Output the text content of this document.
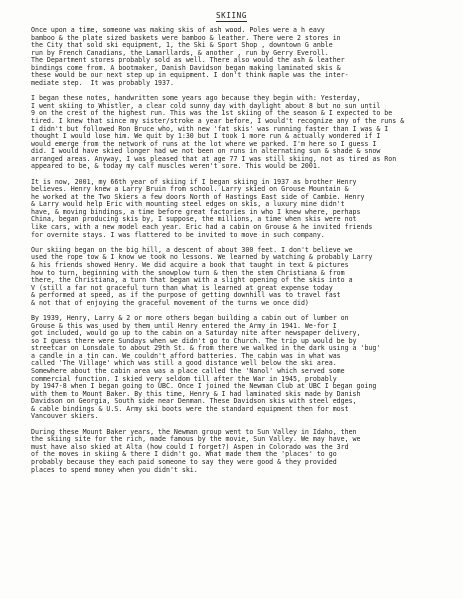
SKIING
Once upon a time, someone was making skis of ash wood. Poles were a h eavy
bamboo & the plate sized baskets were bamboo & leather. There were 2 stores in
the City that sold ski equipment, 1, the Ski & Sport Shop , downtown G anble
run by French Canadians, the Lamarllards, & another , run by Gerry Everoll.
The Department stores probably sold as well. There also would the ash & leather
bindings come from. A bootmaker, Danish Davidson began making laminated skis &
these would be our next step up in equipment. I don't think maple was the inter-
mediate step.  It was probably 1937.
I began these notes, handwritten some years ago because they begin with: Yesterday,
I went skiing to Whistler, a clear cold sunny day with daylight about 8 but no sun until
9 on the crest of the highest run. This was the 1st skiing of the season & I expected to be
tired. I knew that since my sister/stroke a year before, I would't recognize any of the runs &
I didn't but followed Ron Bruce who, with new 'fat skis' was running faster than I was & I
thought I would lose him. We quit by 1:30 but I took 1 more run & actually wondered if I
would emerge from the network of runs at the lot where we parked. I'm here so I guess I
did. I would have skied longer had we not been on runs in alternating sun & shade & snow
arranged areas. Anyway, I was pleased that at age 77 I was still skiing, not as tired as Ron
appeared to be, & today my calf muscles weren't sore. This would be 2001.
It is now, 2001, my 66th year of skiing if I began skiing in 1937 as brother Henry
believes. Henry knew a Larry Bruin from school. Larry skied on Grouse Mountain &
he worked at the Two Skiers a few doors North of Hastings East side of Cambie. Henry
& Larry would help Eric with mounting steel edges on skis, a luxury mine didn't
have, & moving bindings, a time before great factories in who I knew where, perhaps
China, began producing skis by, I suppose, the millions, a time when skis were not
like cars, with a new model each year. Eric had a cabin on Grouse & he invited friends
for overnite stays. I was flattered to be invited to move in such company.
Our skiing began on the big hill, a descent of about 300 feet. I don't believe we
used the rope tow & I know we took no lessons. We learned by watching & probably Larry
& his friends showed Henry. We did acquire a book that taught in text & pictures
how to turn, beginning with the snowplow turn & then the stem Christiana & from
there, the Christiana, a turn that began with a slight opening of the skis into a
V (still a far not graceful turn than what is learned at great expense today
& performed at speed, as if the purpose of getting downhill was to travel fast
& not that of enjoying the graceful movement of the turns we once did)
By 1939, Henry, Larry & 2 or more others began building a cabin out of lumber on
Grouse & this was used by them until Henry entered the Army in 1941. We-for I
got included, would go up to the cabin on a Saturday nite after newspaper delivery,
so I guess there were Sundays when we didn't go to Church. The trip up would be by
streetcar on Lonsdale to about 29th St. & from there we walked in the dark using a 'bug'
a candle in a tin can. We couldn't afford batteries. The cabin was in what was
called 'The Village' which was still a good distance well below the ski area.
Somewhere about the cabin area was a place called the 'Nanol' which served some
commercial function. I skied very seldom till after the War in 1945, probably
by 1947-8 when I began going to UBC. Once I joined the Newman Club at UBC I began going
with them to Mount Baker. By this time, Henry & I had laminated skis made by Danish
Davidson on Georgia, South side near Denman. These Davidson skis with steel edges,
& cable bindings & U.S. Army ski boots were the standard equipment then for most
Vancouver skiers.
During these Mount Baker years, the Newman group went to Sun Valley in Idaho, then
the skiing site for the rich, made famous by the movie, Sun Valley. We may have, we
must have also skied at Alta (how could I forget?) Aspen in Colorado was the 3rd
of the moves in skiing & there I didn't go. What made them the 'places' to go
probably because they each paid someone to say they were good & they provided
places to spend money when you didn't ski.
